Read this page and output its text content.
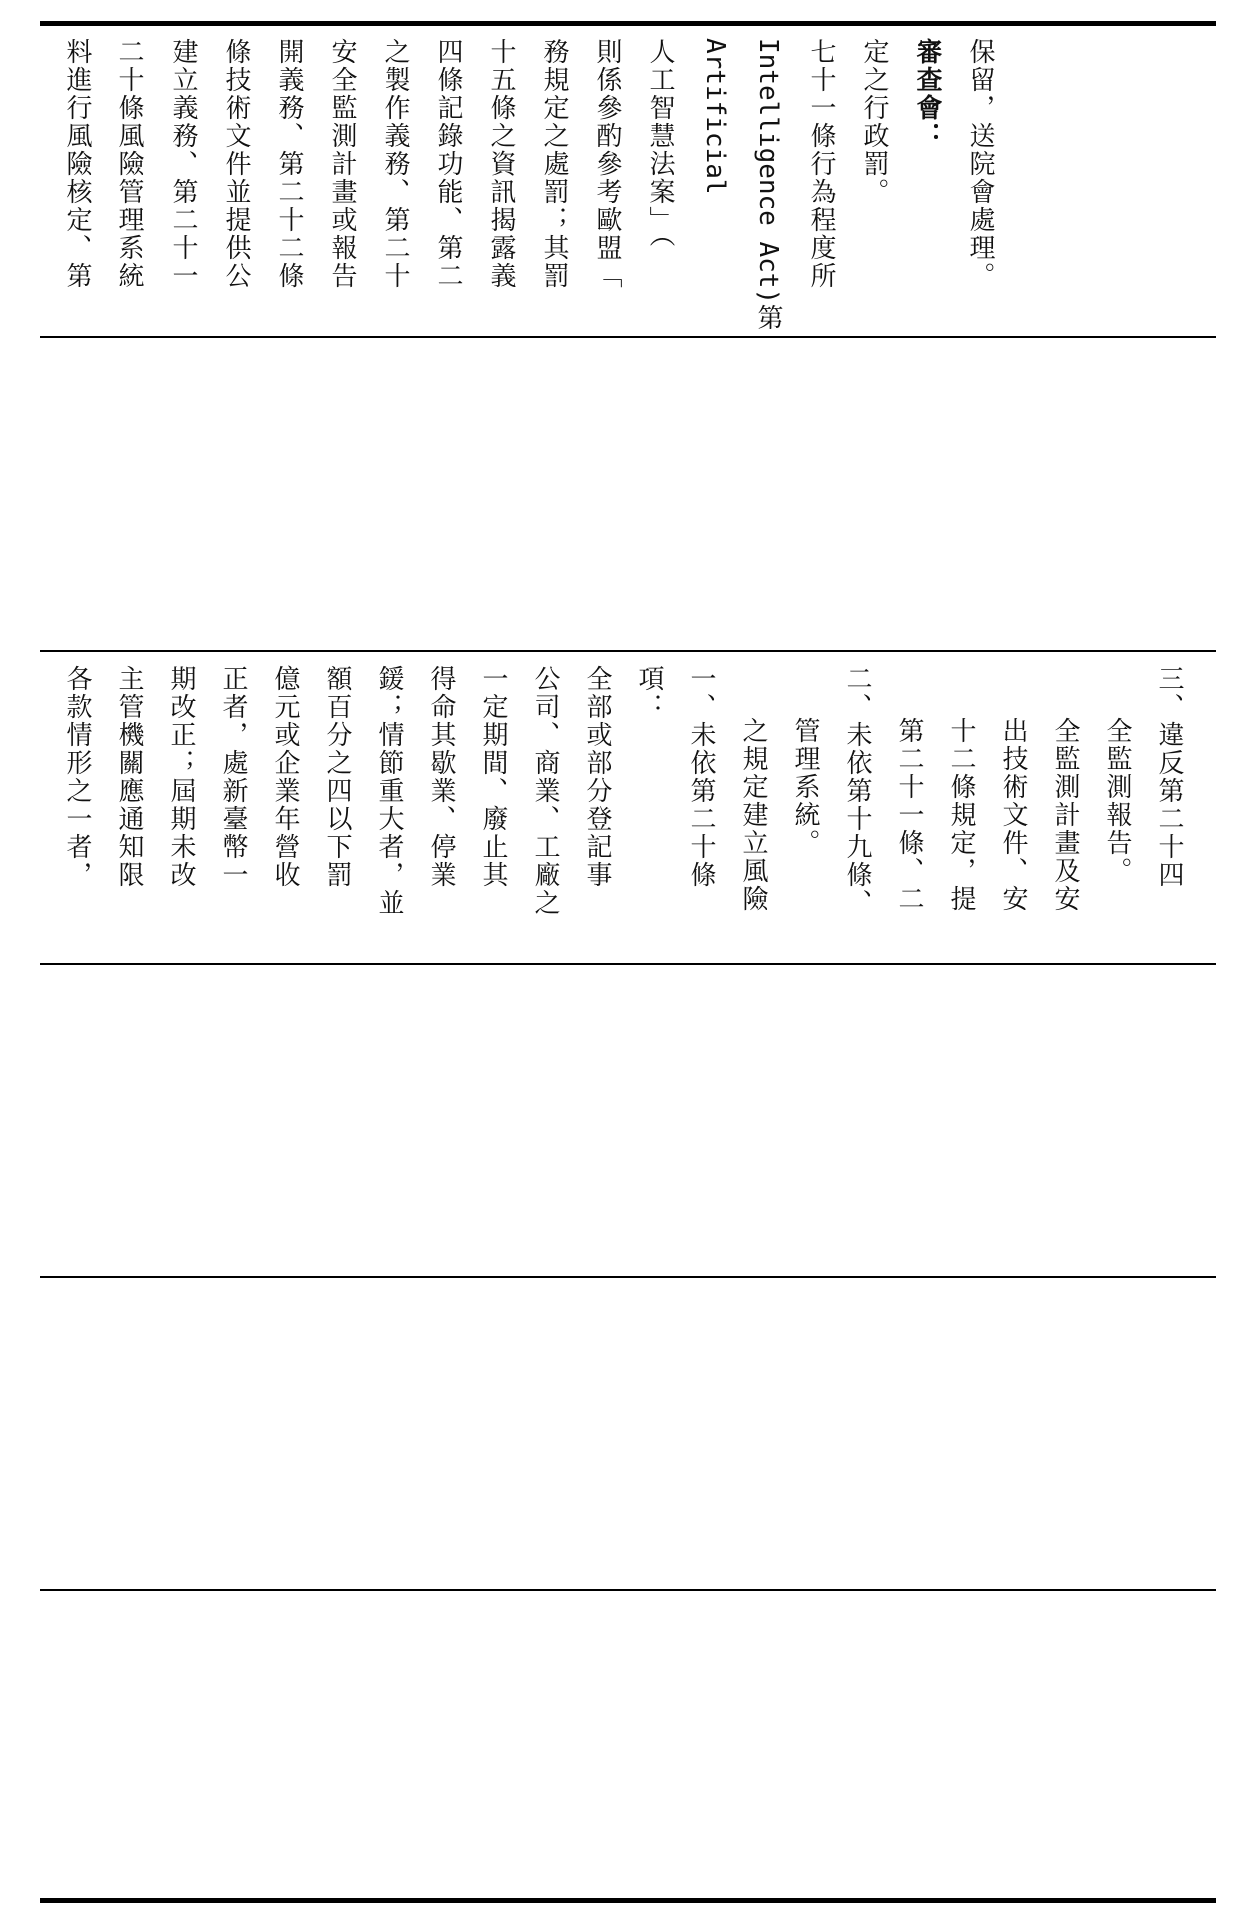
料進行風險核定、第 二十條風險管理系統 建立義務、第二十一 條技術文件並提供公 開義務、第二十二條 安全監測計畫或報告 之製作義務、第二十 四條記錄功能、第二 十五條之資訊揭露義 務規定之處罰；其罰 則係參酌參考歐盟「 人工智慧法案」（ Artificial Intelligence Act)第 七十一條行為程度所 定之行政罰。 審查會： 保留，送院會處理。
各款情形之一者， 主管機關應通知限 期改正；屆期未改 正者，處新臺幣一 億元或企業年營收 額百分之四以下罰 鍰；情節重大者，並 得命其歇業、停業 一定期間、廢止其 公司、商業、工廠之 全部或部分登記事 項： 一、未依第二十條 之規定建立風險 管理系統。 二、未依第十九條、 第二十一條、二 十二條規定，提 出技術文件、安 全監測計畫及安 全監測報告。 三、違反第二十四
